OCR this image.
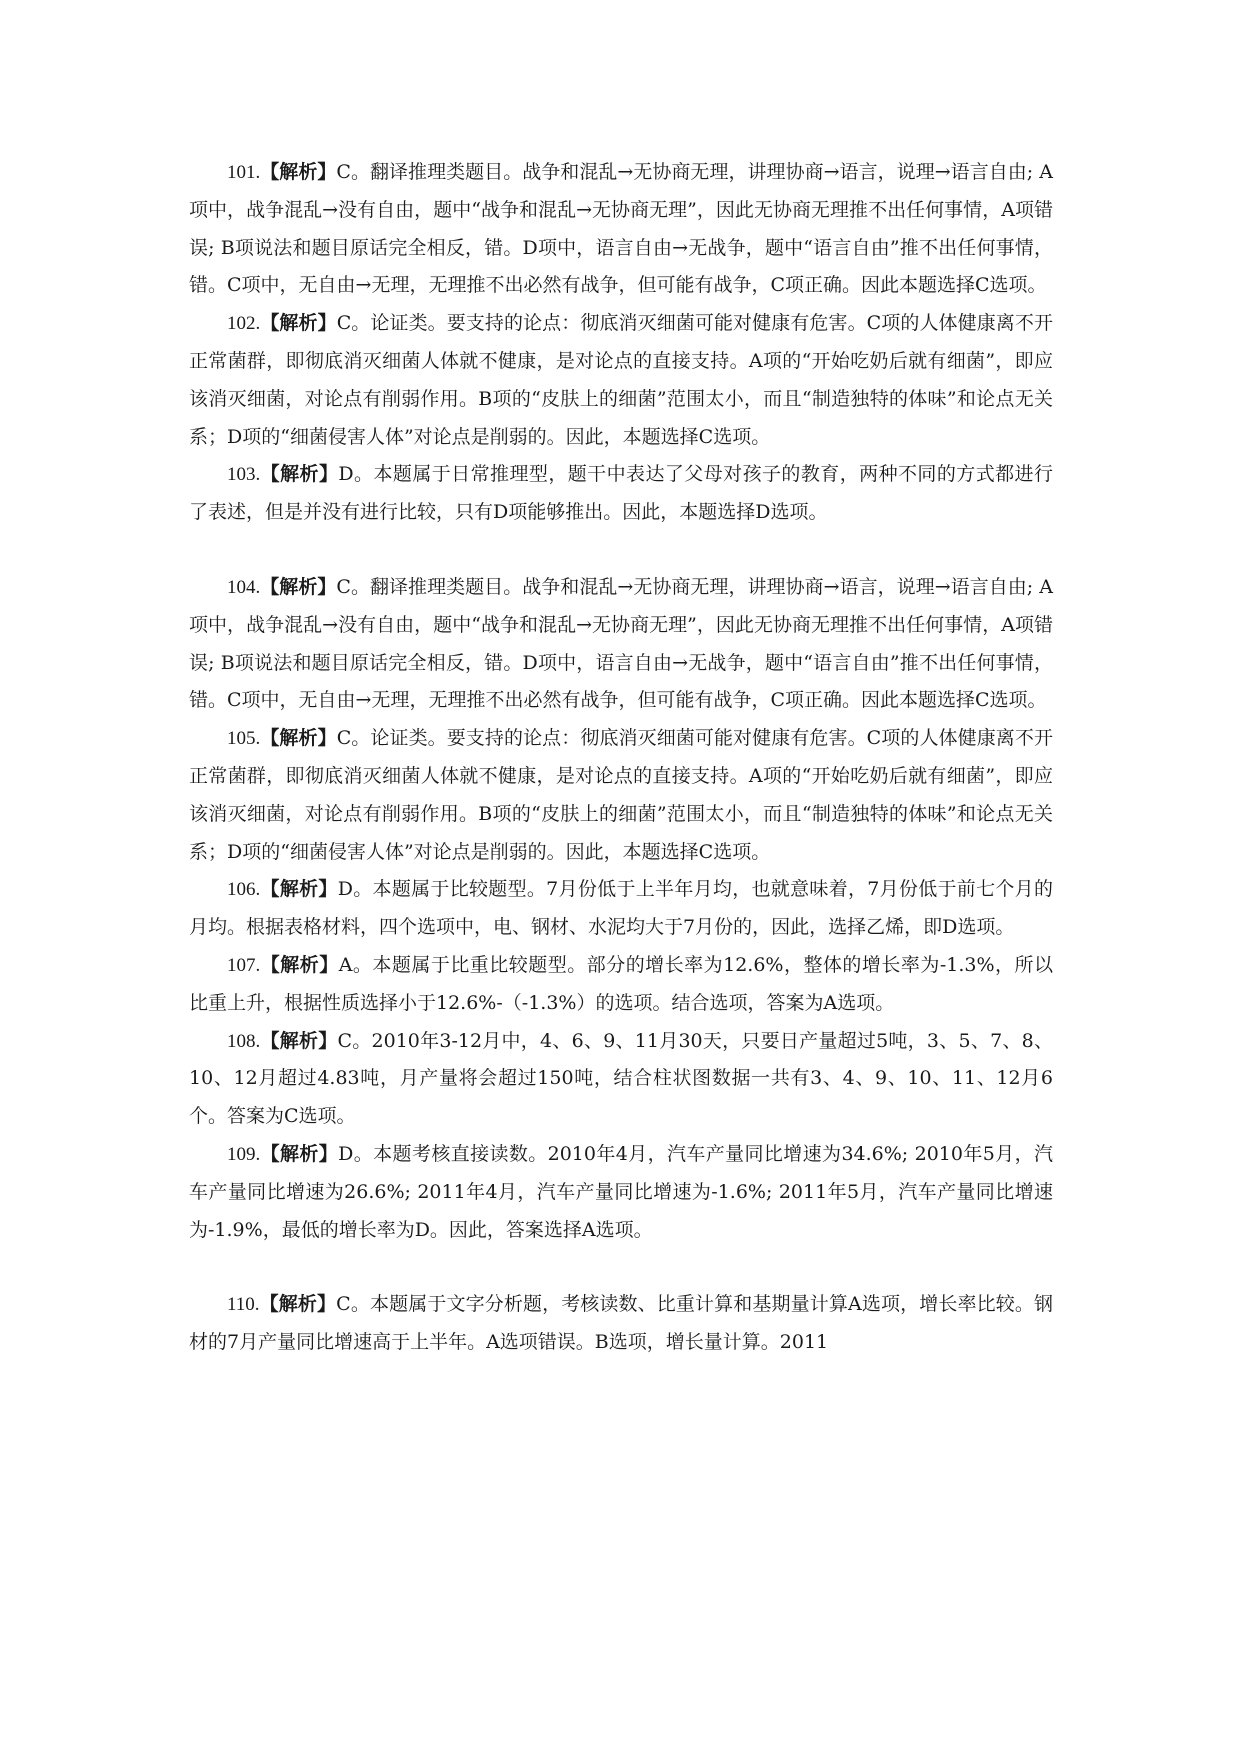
101.【解析】C。翻译推理类题目。战争和混乱→无协商无理，讲理协商→语言，说理→语言自由; A项中，战争混乱→没有自由，题中“战争和混乱→无协商无理”，因此无协商无理推不出任何事情，A项错误; B项说法和题目原话完全相反，错。D项中，语言自由→无战争，题中“语言自由”推不出任何事情，错。C项中，无自由→无理，无理推不出必然有战争，但可能有战争，C项正确。因此本题选择C选项。

102.【解析】C。论证类。要支持的论点：彻底消灭细菌可能对健康有危害。C项的人体健康离不开正常菌群，即彻底消灭细菌人体就不健康，是对论点的直接支持。A项的“开始吃奶后就有细菌”，即应该消灭细菌，对论点有削弱作用。B项的“皮肤上的细菌”范围太小，而且“制造独特的体味”和论点无关系；D项的“细菌侵害人体”对论点是削弱的。因此，本题选择C选项。

103.【解析】D。本题属于日常推理型，题干中表达了父母对孩子的教育，两种不同的方式都进行了表述，但是并没有进行比较，只有D项能够推出。因此，本题选择D选项。

104.【解析】C。翻译推理类题目。战争和混乱→无协商无理，讲理协商→语言，说理→语言自由; A项中，战争混乱→没有自由，题中“战争和混乱→无协商无理”，因此无协商无理推不出任何事情，A项错误; B项说法和题目原话完全相反，错。D项中，语言自由→无战争，题中“语言自由”推不出任何事情，错。C项中，无自由→无理，无理推不出必然有战争，但可能有战争，C项正确。因此本题选择C选项。

105.【解析】C。论证类。要支持的论点：彻底消灭细菌可能对健康有危害。C项的人体健康离不开正常菌群，即彻底消灭细菌人体就不健康，是对论点的直接支持。A项的“开始吃奶后就有细菌”，即应该消灭细菌，对论点有削弱作用。B项的“皮肤上的细菌”范围太小，而且“制造独特的体味”和论点无关系；D项的“细菌侵害人体”对论点是削弱的。因此，本题选择C选项。

106.【解析】D。本题属于比较题型。7月份低于上半年月均，也就意味着，7月份低于前七个月的月均。根据表格材料，四个选项中，电、钢材、水泥均大于7月份的，因此，选择乙烯，即D选项。

107.【解析】A。本题属于比重比较题型。部分的增长率为12.6%，整体的增长率为-1.3%，所以比重上升，根据性质选择小于12.6%-（-1.3%）的选项。结合选项，答案为A选项。

108.【解析】C。2010年3-12月中，4、6、9、11月30天，只要日产量超过5吨，3、5、7、8、10、12月超过4.83吨，月产量将会超过150吨，结合柱状图数据一共有3、4、9、10、11、12月6个。答案为C选项。

109.【解析】D。本题考核直接读数。2010年4月，汽车产量同比增速为34.6%; 2010年5月，汽车产量同比增速为26.6%; 2011年4月，汽车产量同比增速为-1.6%; 2011年5月，汽车产量同比增速为-1.9%，最低的增长率为D。因此，答案选择A选项。

110.【解析】C。本题属于文字分析题，考核读数、比重计算和基期量计算A选项，增长率比较。钢材的7月产量同比增速高于上半年。A选项错误。B选项，增长量计算。2011
